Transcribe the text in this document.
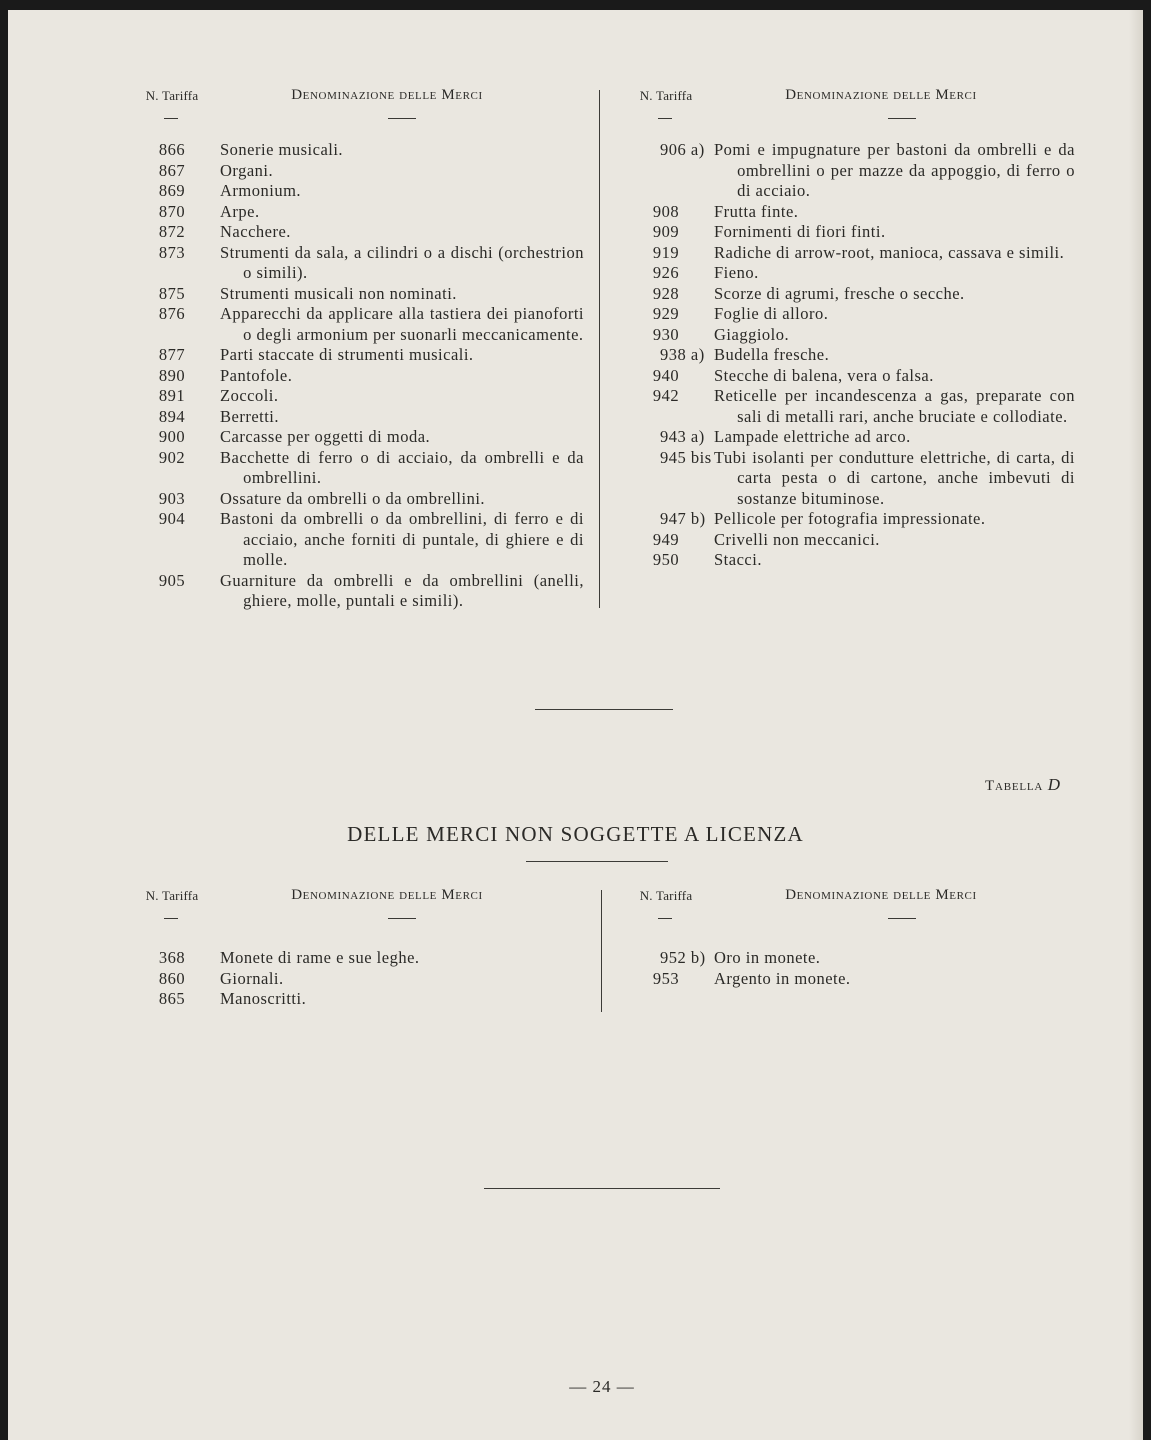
N. Tariffa	Denominazione delle Merci
866	Sonerie musicali.
867	Organi.
869	Armonium.
870	Arpe.
872	Nacchere.
873	Strumenti da sala, a cilindri o a dischi (orchestrion o simili).
875	Strumenti musicali non nominati.
876	Apparecchi da applicare alla tastiera dei pianoforti o degli armonium per suonarli meccanicamente.
877	Parti staccate di strumenti musicali.
890	Pantofole.
891	Zoccoli.
894	Berretti.
900	Carcasse per oggetti di moda.
902	Bacchette di ferro o di acciaio, da ombrelli e da ombrellini.
903	Ossature da ombrelli o da ombrellini.
904	Bastoni da ombrelli o da ombrellini, di ferro e di acciaio, anche forniti di puntale, di ghiere e di molle.
905	Guarniture da ombrelli e da ombrellini (anelli, ghiere, molle, puntali e simili).
N. Tariffa	Denominazione delle Merci
906 a) Pomi e impugnature per bastoni da ombrelli e da ombrellini o per mazze da appoggio, di ferro o di acciaio.
908	Frutta finte.
909	Fornimenti di fiori finti.
919	Radiche di arrow-root, manioca, cassava e simili.
926	Fieno.
928	Scorze di agrumi, fresche o secche.
929	Foglie di alloro.
930	Giaggiolo.
938 a) Budella fresche.
940	Stecche di balena, vera o falsa.
942	Reticelle per incandescenza a gas, preparate con sali di metalli rari, anche bruciate e collodiate.
943 a) Lampade elettriche ad arco.
945 bis Tubi isolanti per condutture elettriche, di carta, di carta pesta o di cartone, anche imbevuti di sostanze bituminose.
947 b) Pellicole per fotografia impressionate.
949	Crivelli non meccanici.
950	Stacci.
Tabella D
DELLE MERCI NON SOGGETTE A LICENZA
N. Tariffa	Denominazione delle Merci
368	Monete di rame e sue leghe.
860	Giornali.
865	Manoscritti.
N. Tariffa	Denominazione delle Merci
952 b) Oro in monete.
953	Argento in monete.
— 24 —
